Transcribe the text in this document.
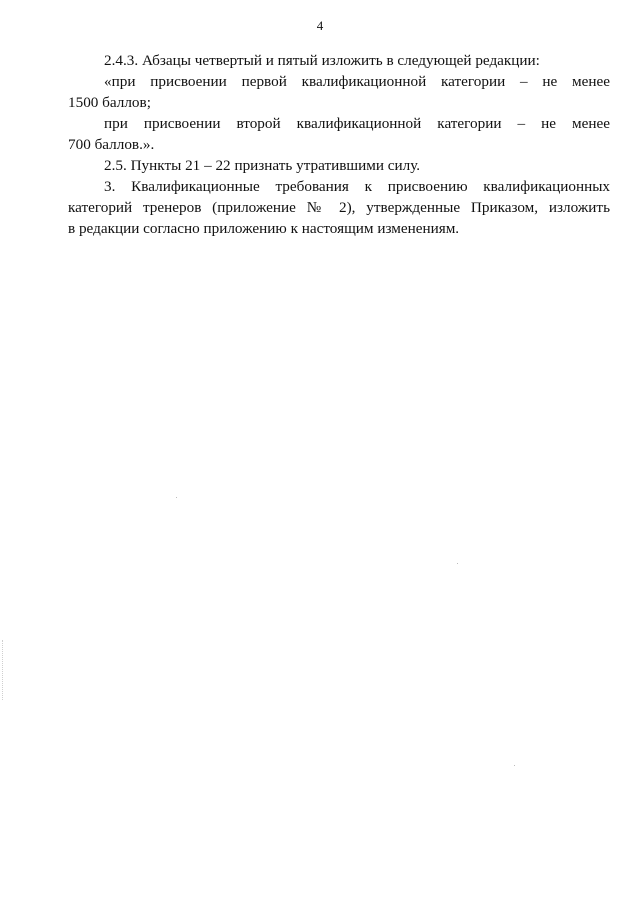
4

2.4.3. Абзацы четвертый и пятый изложить в следующей редакции:

«при присвоении первой квалификационной категории – не менее
1500 баллов;
при присвоении второй квалификационной категории – не менее
700 баллов.».

2.5. Пункты 21 – 22 признать утратившими силу.

3. Квалификационные требования к присвоению квалификационных
категорий тренеров (приложение № 2), утвержденные Приказом, изложить
в редакции согласно приложению к настоящим изменениям.
